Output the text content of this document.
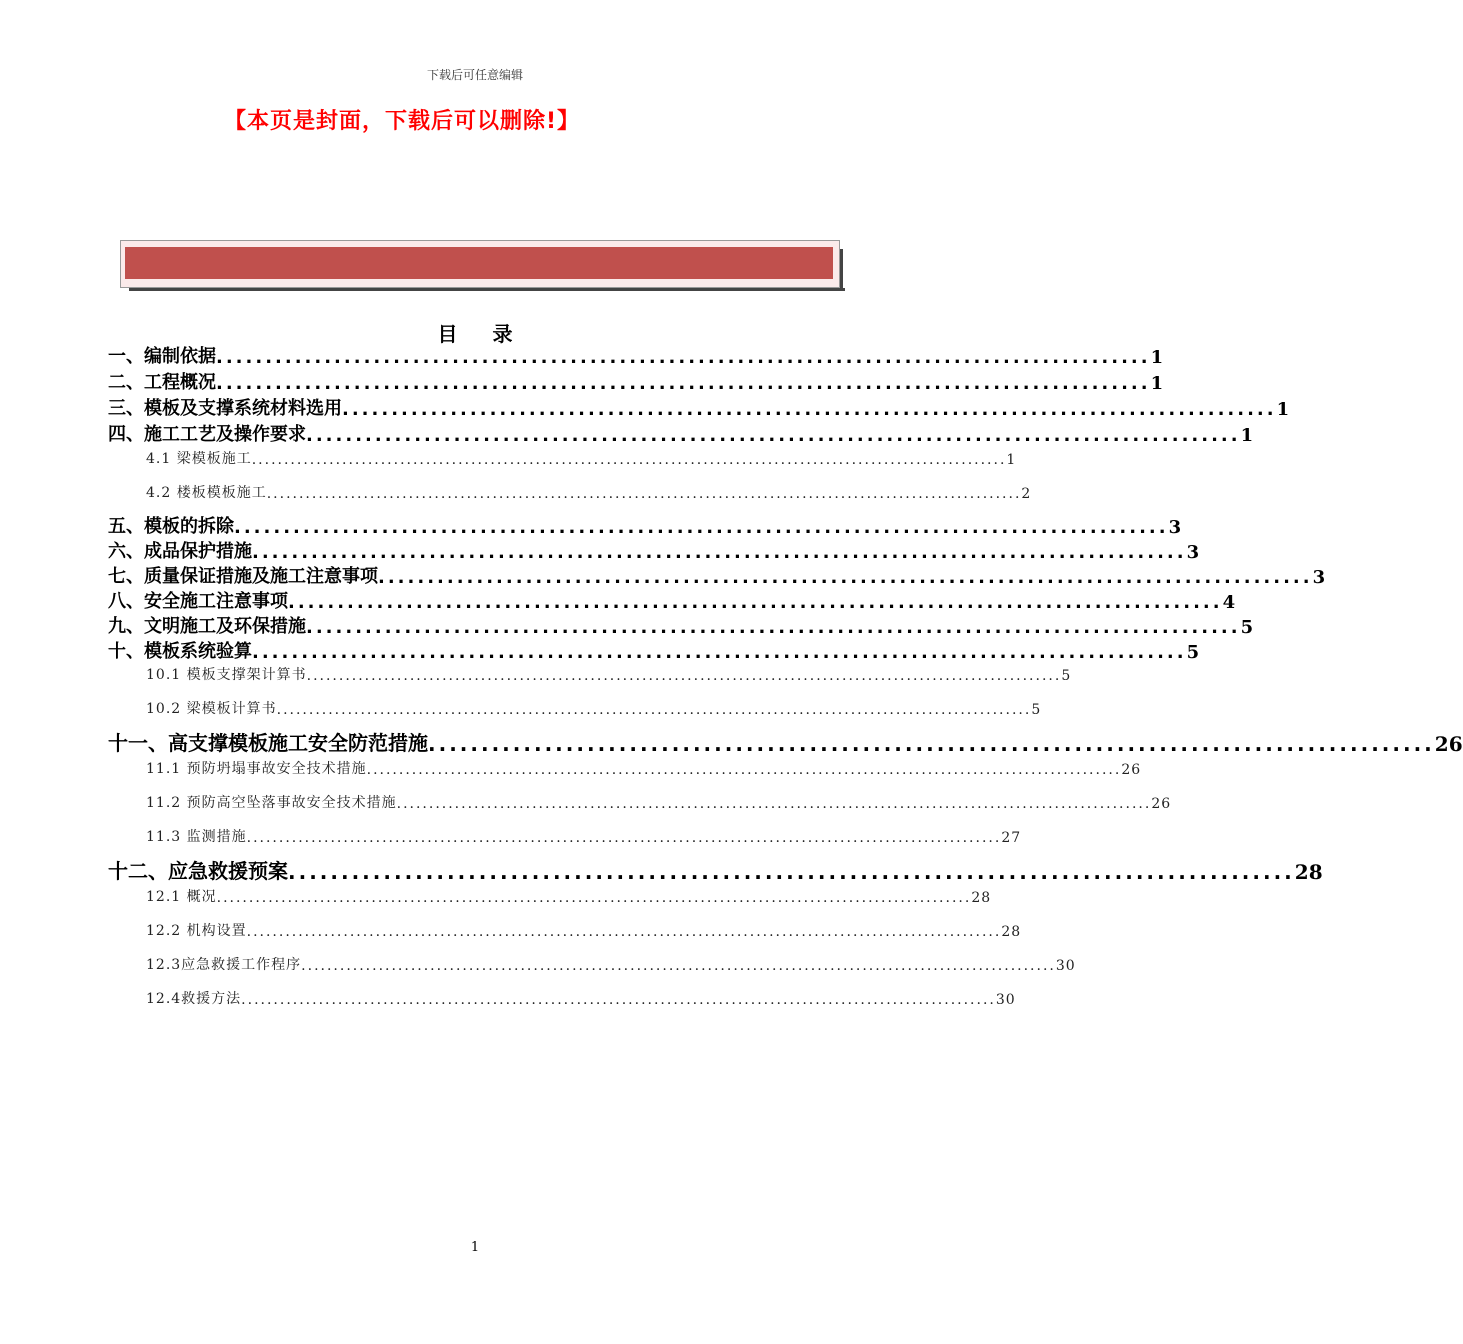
下载后可任意编辑
【本页是封面，下载后可以删除!】
目 录
一、编制依据 ............................................................................................... 1
二、工程概况 ............................................................................................... 1
三、模板及支撑系统材料选用 ............................................................................................... 1
四、施工工艺及操作要求 ............................................................................................... 1
4.1 梁模板施工 ..................................................................................................................... 1
4.2 楼板模板施工 ..................................................................................................................... 2
五、模板的拆除 ............................................................................................... 3
六、成品保护措施 ............................................................................................... 3
七、质量保证措施及施工注意事项 ............................................................................................... 3
八、安全施工注意事项 ............................................................................................... 4
九、文明施工及环保措施 ............................................................................................... 5
十、模板系统验算 ............................................................................................... 5
10.1 模板支撑架计算书 ..................................................................................................................... 5
10.2 梁模板计算书 ..................................................................................................................... 5
十一、高支撑模板施工安全防范措施 ............................................................................................... 26
11.1 预防坍塌事故安全技术措施 ..................................................................................................................... 26
11.2 预防高空坠落事故安全技术措施 ..................................................................................................................... 26
11.3 监测措施 ..................................................................................................................... 27
十二、应急救援预案 ............................................................................................... 28
12.1 概况 ..................................................................................................................... 28
12.2 机构设置 ..................................................................................................................... 28
12.3应急救援工作程序 ..................................................................................................................... 30
12.4救援方法 ..................................................................................................................... 30
1
